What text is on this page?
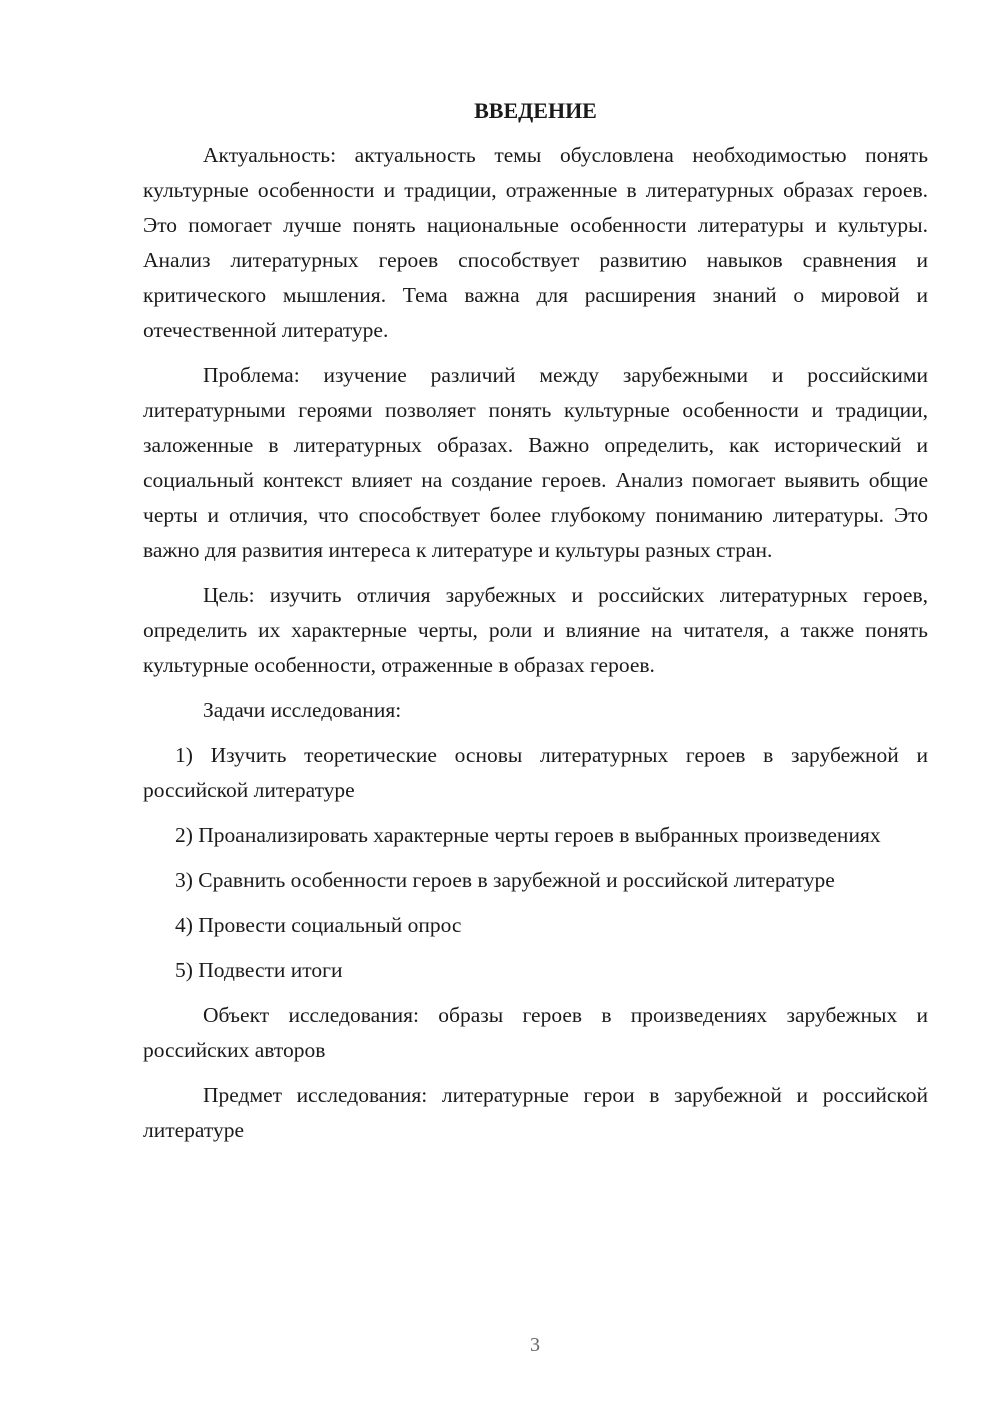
ВВЕДЕНИЕ

Актуальность: актуальность темы обусловлена необходимостью понять культурные особенности и традиции, отраженные в литературных образах героев. Это помогает лучше понять национальные особенности литературы и культуры. Анализ литературных героев способствует развитию навыков сравнения и критического мышления. Тема важна для расширения знаний о мировой и отечественной литературе.

Проблема: изучение различий между зарубежными и российскими литературными героями позволяет понять культурные особенности и традиции, заложенные в литературных образах. Важно определить, как исторический и социальный контекст влияет на создание героев. Анализ помогает выявить общие черты и отличия, что способствует более глубокому пониманию литературы. Это важно для развития интереса к литературе и культуры разных стран.

Цель: изучить отличия зарубежных и российских литературных героев, определить их характерные черты, роли и влияние на читателя, а также понять культурные особенности, отраженные в образах героев.

Задачи исследования:

1) Изучить теоретические основы литературных героев в зарубежной и российской литературе

2) Проанализировать характерные черты героев в выбранных произведениях

3) Сравнить особенности героев в зарубежной и российской литературе

4) Провести социальный опрос

5) Подвести итоги

Объект исследования: образы героев в произведениях зарубежных и российских авторов

Предмет исследования: литературные герои в зарубежной и российской литературе

3
